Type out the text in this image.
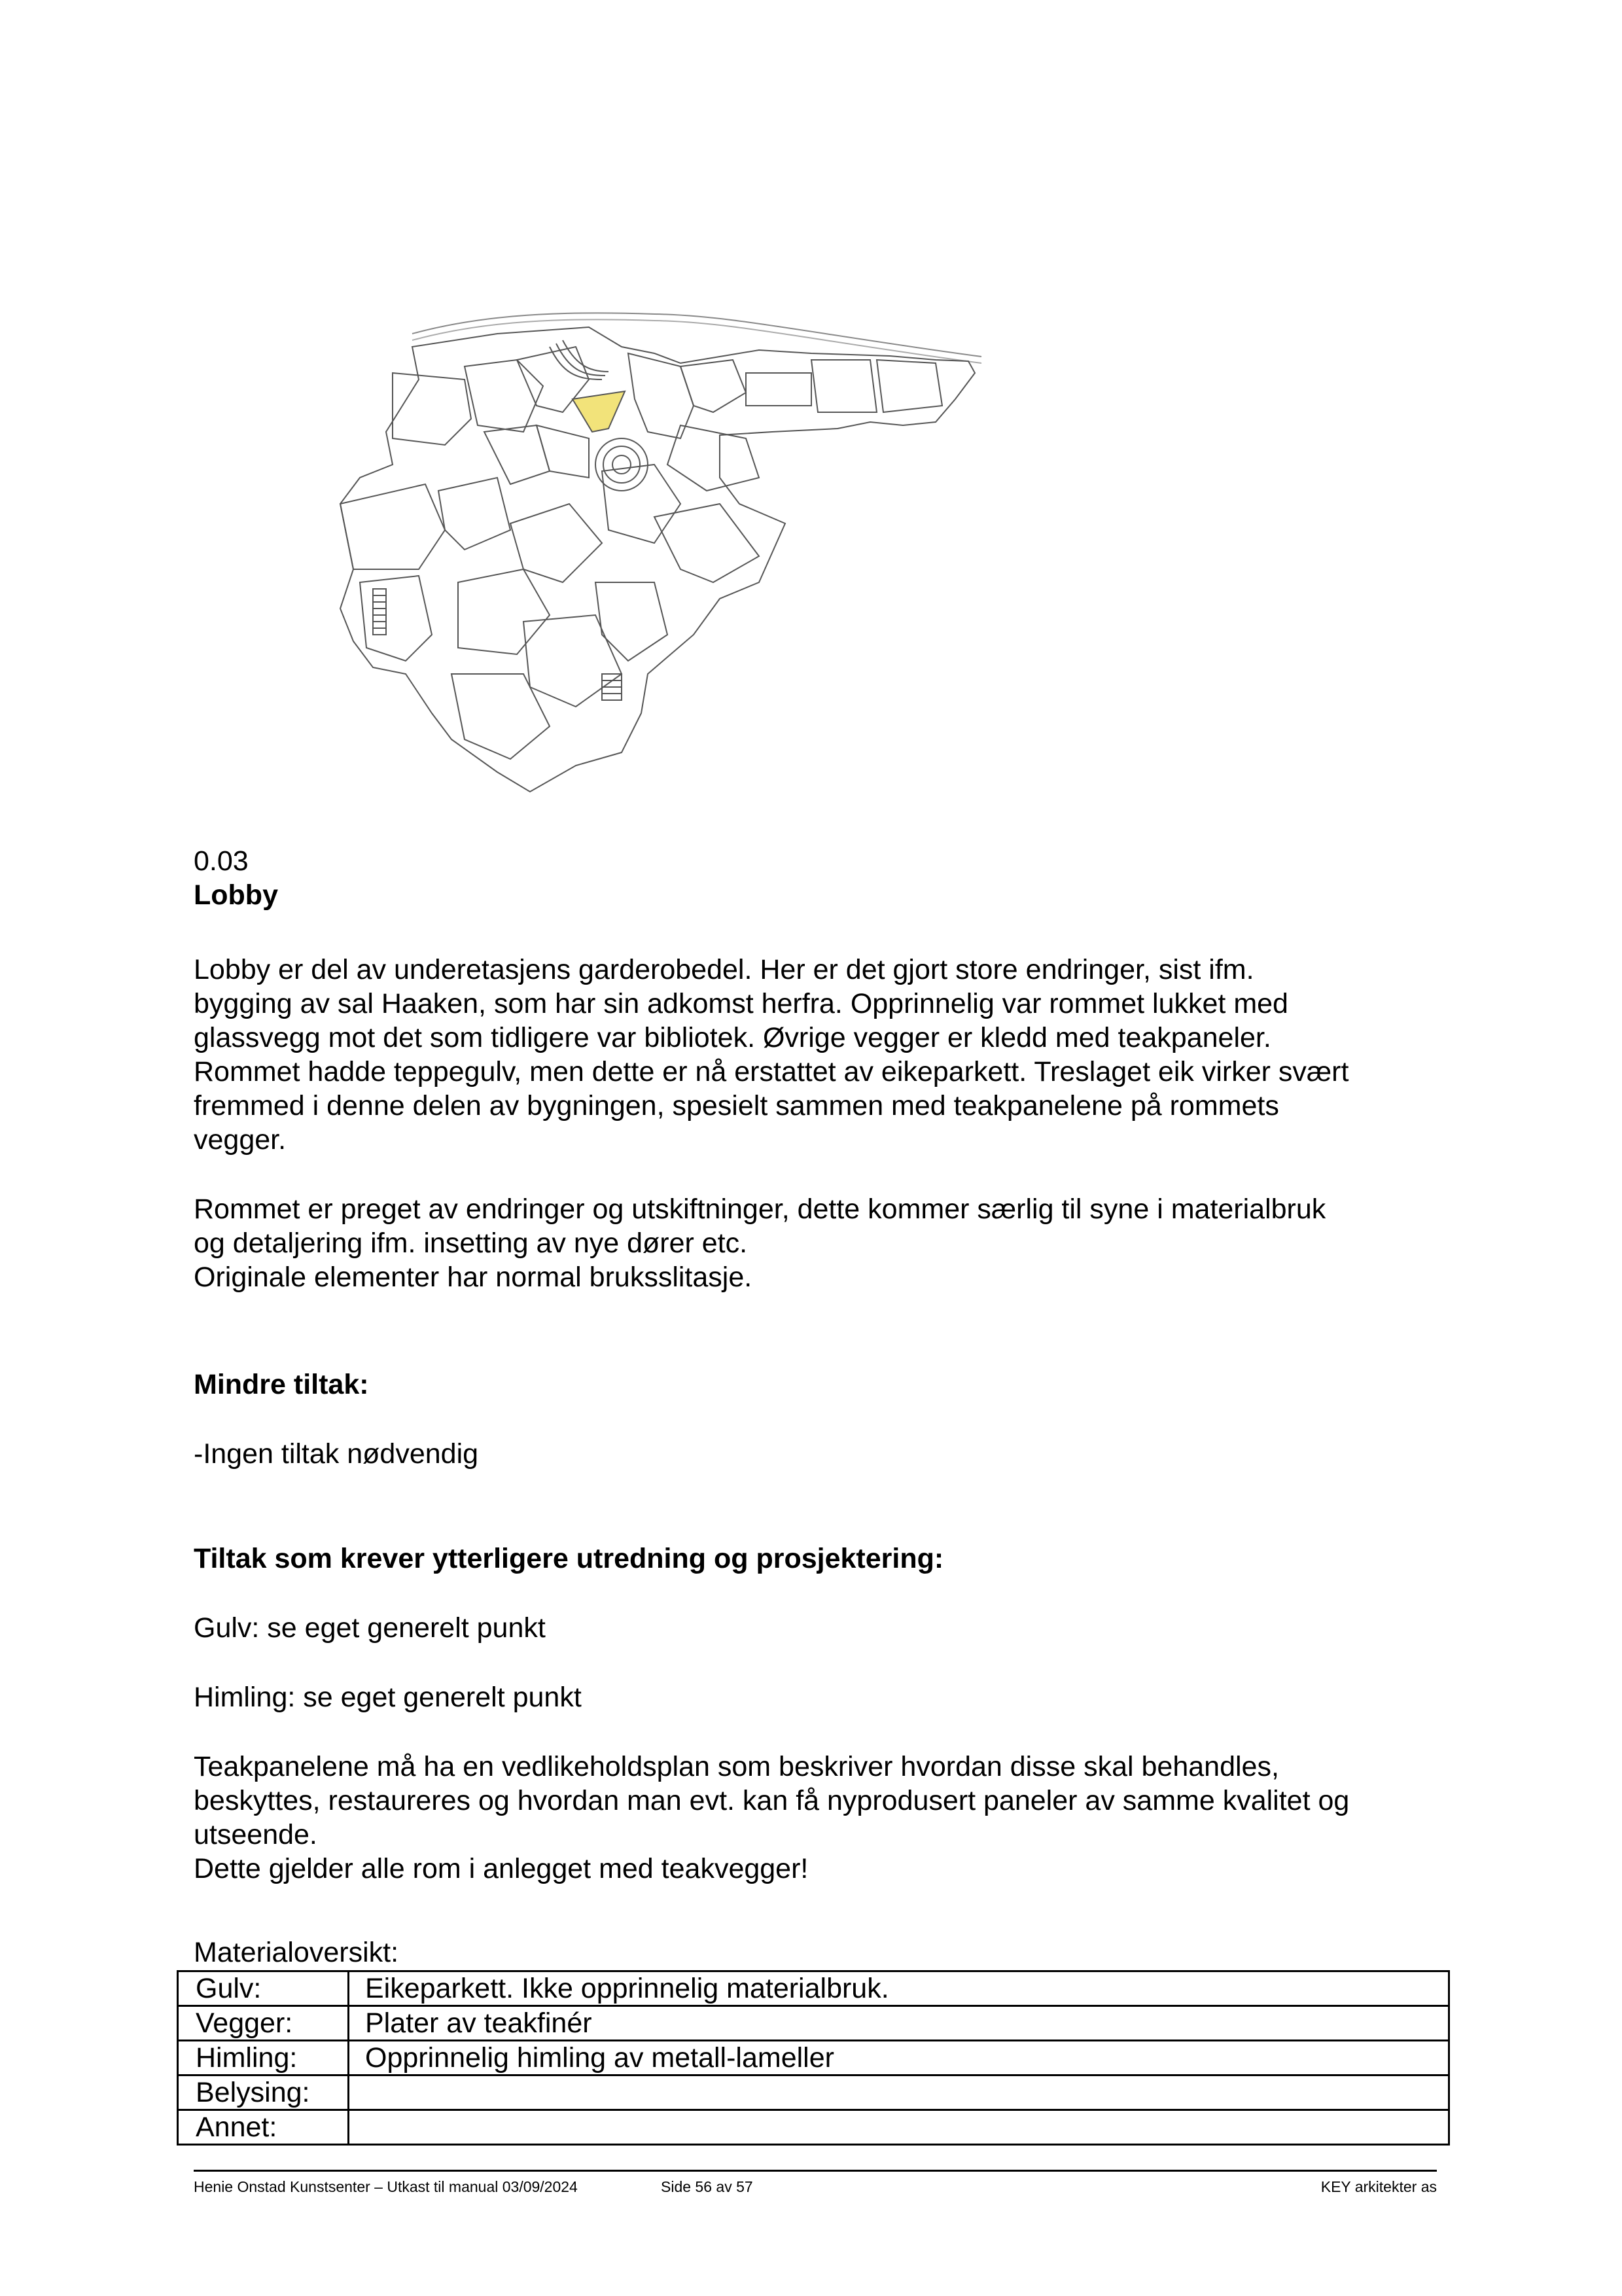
0.03

Lobby

Lobby er del av underetasjens garderobedel. Her er det gjort store endringer, sist ifm.
bygging av sal Haaken, som har sin adkomst herfra. Opprinnelig var rommet lukket med
glassvegg mot det som tidligere var bibliotek. Øvrige vegger er kledd med teakpaneler.
Rommet hadde teppegulv, men dette er nå erstattet av eikeparkett. Treslaget eik virker svært
fremmed i denne delen av bygningen, spesielt sammen med teakpanelene på rommets
vegger.
Rommet er preget av endringer og utskiftninger, dette kommer særlig til syne i materialbruk
og detaljering ifm. insetting av nye dører etc.
Originale elementer har normal bruksslitasje.

Mindre tiltak:

-Ingen tiltak nødvendig

Tiltak som krever ytterligere utredning og prosjektering:

Gulv: se eget generelt punkt

Himling: se eget generelt punkt

Teakpanelene må ha en vedlikeholdsplan som beskriver hvordan disse skal behandles,
beskyttes, restaureres og hvordan man evt. kan få nyprodusert paneler av samme kvalitet og
utseende.
Dette gjelder alle rom i anlegget med teakvegger!

Materialoversikt:

Gulv:	Eikeparkett. Ikke opprinnelig materialbruk.
Vegger:	Plater av teakfinér
Himling:	Opprinnelig himling av metall-lameller
Belysing:	
Annet:	
Henie Onstad Kunstsenter – Utkast til manual 03/09/2024	Side 56 av 57	KEY arkitekter as
